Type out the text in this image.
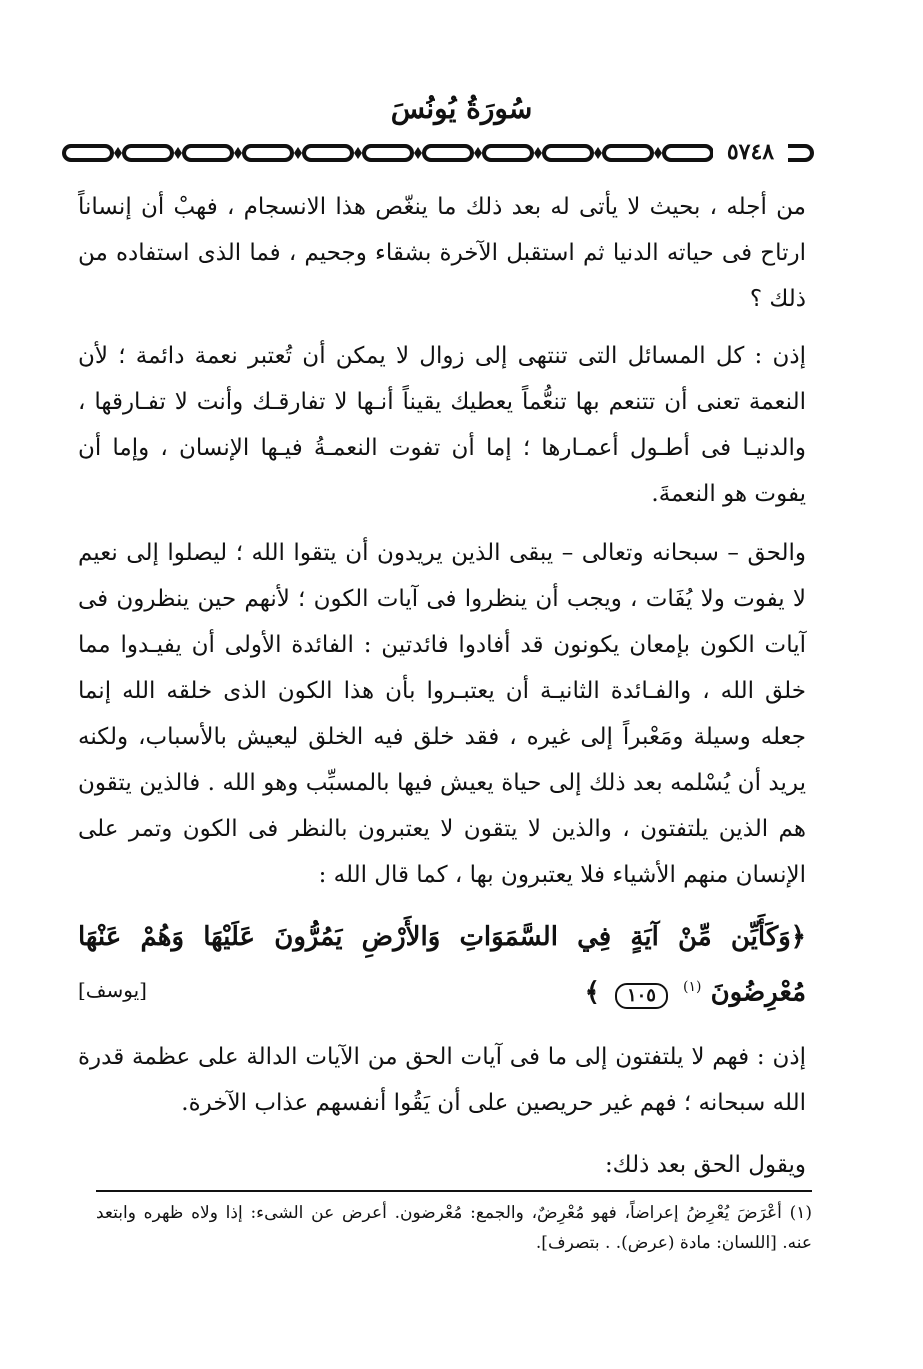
سُورَةُ يُونُسَ
٥٧٤٨
من أجله ، بحيث لا يأتى له بعد ذلك ما ينغّص هذا الانسجام ، فهبْ أن إنساناً ارتاح فى حياته الدنيا ثم استقبل الآخرة بشقاء وجحيم ، فما الذى استفاده من ذلك ؟
إذن : كل المسائل التى تنتهى إلى زوال لا يمكن أن تُعتبر نعمة دائمة ؛ لأن النعمة تعنى أن تتنعم بها تنعُّماً يعطيك يقيناً أنـها لا تفارقـك وأنت لا تفـارقها ، والدنيـا فى أطـول أعمـارها ؛ إما أن تفوت النعمـةُ فيـها الإنسان ، وإما أن يفوت هو النعمةَ.
والحق – سبحانه وتعالى – يبقى الذين يريدون أن يتقوا الله ؛ ليصلوا إلى نعيم لا يفوت ولا يُفَات ، ويجب أن ينظروا فى آيات الكون ؛ لأنهم حين ينظرون فى آيات الكون بإمعان يكونون قد أفادوا فائدتين : الفائدة الأولى أن يفيـدوا مما خلق الله ، والفـائدة الثانيـة أن يعتبـروا بأن هذا الكون الذى خلقه الله إنما جعله وسيلة ومَعْبراً إلى غيره ، فقد خلق فيه الخلق ليعيش بالأسباب، ولكنه يريد أن يُسْلمه بعد ذلك إلى حياة يعيش فيها بالمسبِّب وهو الله . فالذين يتقون هم الذين يلتفتون ، والذين لا يتقون لا يعتبرون بالنظر فى الكون وتمر على الإنسان منهم الأشياء فلا يعتبرون بها ، كما قال الله :
﴿وَكَأَيِّن مِّنْ آيَةٍ فِي السَّمَوَاتِ وَالأَرْضِ يَمُرُّونَ عَلَيْهَا وَهُمْ عَنْهَا
مُعْرِضُونَ $^{(١)}$ ١٠٥ ﴾
[يوسف]
إذن : فهم لا يلتفتون إلى ما فى آيات الحق من الآيات الدالة على عظمة قدرة الله سبحانه ؛ فهم غير حريصين على أن يَقُوا أنفسهم عذاب الآخرة.
ويقول الحق بعد ذلك:
(١) أعْرَضَ يُعْرِضُ إعراضاً، فهو مُعْرِضٌ، والجمع: مُعْرضون. أعرض عن الشىء: إذا ولاه ظهره وابتعد عنه. [اللسان: مادة (عرض). . بتصرف].
